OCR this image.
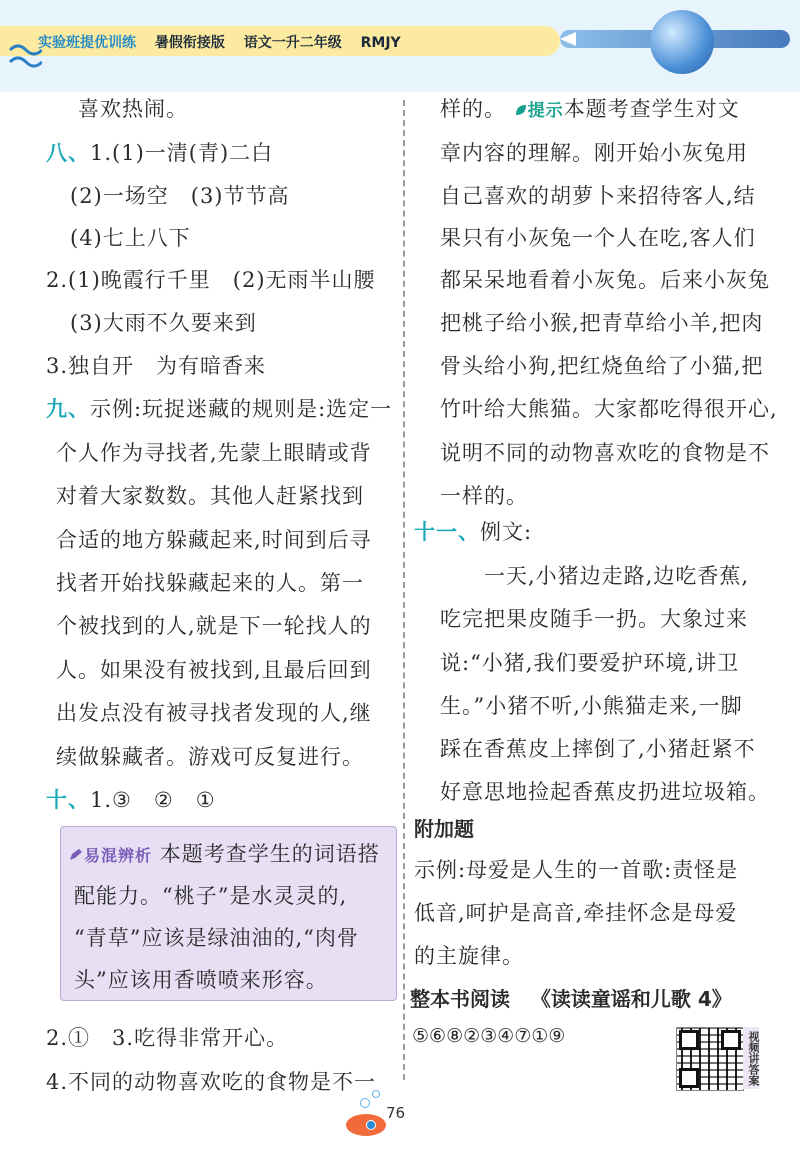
实验班提优训练 暑假衔接版 语文一升二年级 RMJY
喜欢热闹。
八、1.(1)一清(青)二白
(2)一场空　(3)节节高
(4)七上八下
2.(1)晚霞行千里　(2)无雨半山腰
(3)大雨不久要来到
3.独自开　为有暗香来
九、示例:玩捉迷藏的规则是:选定一
个人作为寻找者,先蒙上眼睛或背
对着大家数数。其他人赶紧找到
合适的地方躲藏起来,时间到后寻
找者开始找躲藏起来的人。第一
个被找到的人,就是下一轮找人的
人。如果没有被找到,且最后回到
出发点没有被寻找者发现的人,继
续做躲藏者。游戏可反复进行。
十、1.③　②　①
易混辨析 本题考查学生的词语搭
配能力。“桃子”是水灵灵的,
“青草”应该是绿油油的,“肉骨
头”应该用香喷喷来形容。
2.①　3.吃得非常开心。
4.不同的动物喜欢吃的食物是不一
样的。 提示本题考查学生对文
章内容的理解。刚开始小灰兔用
自己喜欢的胡萝卜来招待客人,结
果只有小灰兔一个人在吃,客人们
都呆呆地看着小灰兔。后来小灰兔
把桃子给小猴,把青草给小羊,把肉
骨头给小狗,把红烧鱼给了小猫,把
竹叶给大熊猫。大家都吃得很开心,
说明不同的动物喜欢吃的食物是不
一样的。
十一、例文:
一天,小猪边走路,边吃香蕉,
吃完把果皮随手一扔。大象过来
说:“小猪,我们要爱护环境,讲卫
生。”小猪不听,小熊猫走来,一脚
踩在香蕉皮上摔倒了,小猪赶紧不
好意思地捡起香蕉皮扔进垃圾箱。
附加题
示例:母爱是人生的一首歌:责怪是
低音,呵护是高音,牵挂怀念是母爱
的主旋律。
整本书阅读 《读读童谣和儿歌 4》
⑤⑥⑧②③④⑦①⑨	视频讲答案
76
